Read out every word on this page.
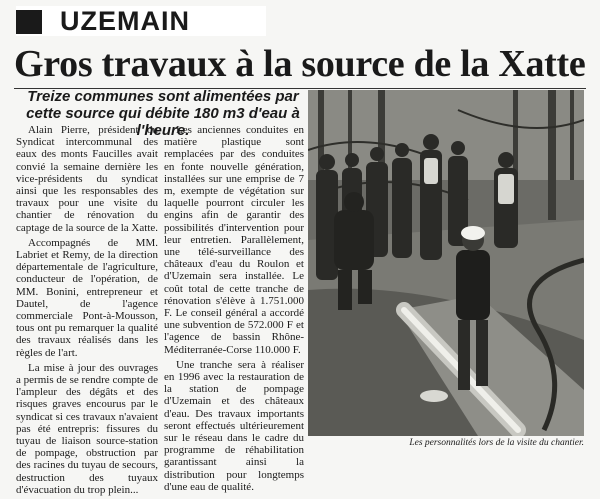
UZEMAIN
Gros travaux à la source de la Xatte
Treize communes sont alimentées par cette source qui débite 180 m3 d'eau à l'heure.

Alain Pierre, président du Syndicat intercommunal des eaux des monts Faucilles avait convié la semaine dernière les vice-présidents du syndicat ainsi que les responsables des travaux pour une visite du chantier de rénovation du captage de la source de la Xatte.

Accompagnés de MM. Labriet et Remy, de la direction départementale de l'agriculture, conducteur de l'opération, de MM. Bonini, entrepreneur et Dautel, de l'agence commerciale Pont-à-Mousson, tous ont pu remarquer la qualité des travaux réalisés dans les règles de l'art.

La mise à jour des ouvrages a permis de se rendre compte de l'ampleur des dégâts et des risques graves encourus par le syndicat si ces travaux n'avaient pas été entrepris: fissures du tuyau de liaison source-station de pompage, obstruction par des racines du tuyau de secours, destruction des tuyaux d'évacuation du trop plein...

Les anciennes conduites en matière plastique sont remplacées par des conduites en fonte nouvelle génération, installées sur une emprise de 7 m, exempte de végétation sur laquelle pourront circuler les engins afin de garantir des possibilités d'intervention pour leur entretien. Parallèlement, une télé-surveillance des châteaux d'eau du Roulon et d'Uzemain sera installée. Le coût total de cette tranche de rénovation s'élève à 1.751.000 F. Le conseil général a accordé une subvention de 572.000 F et l'agence de bassin Rhône-Méditerranée-Corse 110.000 F.

Une tranche sera à réaliser en 1996 avec la restauration de la station de pompage d'Uzemain et des châteaux d'eau. Des travaux importants seront effectués ultérieurement sur le réseau dans le cadre du programme de réhabilitation garantissant ainsi la distribution pour longtemps d'une eau de qualité.

Les personnalités lors de la visite du chantier.
